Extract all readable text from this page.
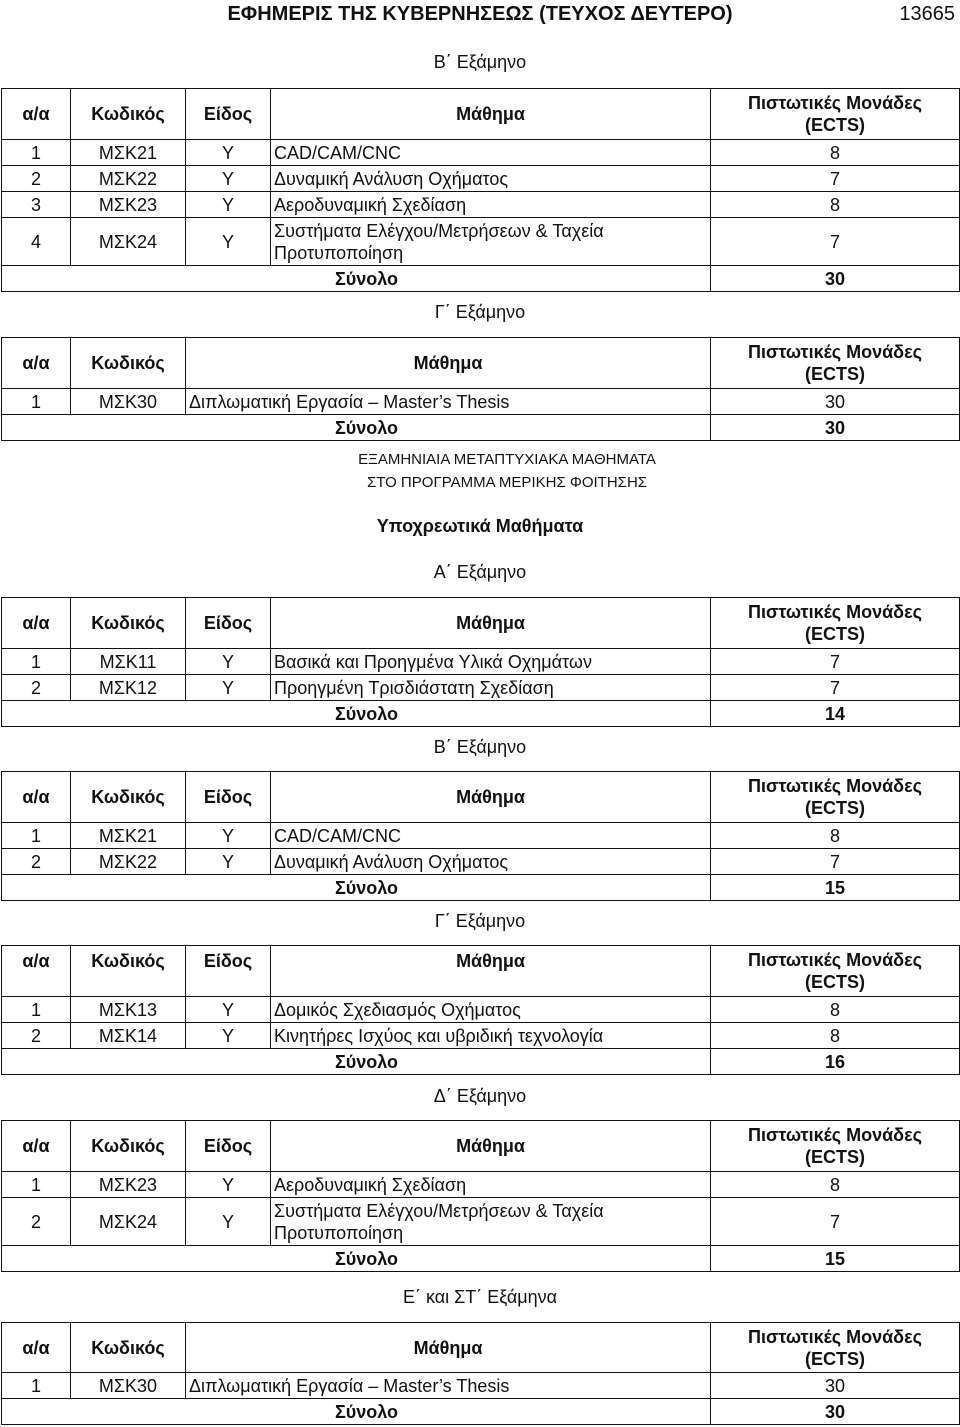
ΕΦΗΜΕΡΙΣ ΤΗΣ ΚΥΒΕΡΝΗΣΕΩΣ (ΤΕΥΧΟΣ ΔΕΥΤΕΡΟ)	13665
Β΄ Εξάμηνο
α/α	Κωδικός	Είδος	Μάθημα	Πιστωτικές Μονάδες
(ECTS)

1	ΜΣΚ21	Υ	CAD/CAM/CNC	8
2	ΜΣΚ22	Υ	Δυναμική Ανάλυση Οχήματος	7
3	ΜΣΚ23	Υ	Αεροδυναμική Σχεδίαση	8
4	ΜΣΚ24	Υ	Συστήματα Ελέγχου/Μετρήσεων & Ταχεία Προτυποποίηση	7
Σύνολο				30
Γ΄ Εξάμηνο
α/α	Κωδικός	Μάθημα	Πιστωτικές Μονάδες
(ECTS)

1	ΜΣΚ30	Διπλωματική Εργασία – Master’s Thesis	30
Σύνολο			30
ΕΞΑΜΗΝΙΑΙΑ ΜΕΤΑΠΤΥΧΙΑΚΑ ΜΑΘΗΜΑΤΑ
ΣΤΟ ΠΡΟΓΡΑΜΜΑ ΜΕΡΙΚΗΣ ΦΟΙΤΗΣΗΣ
Υποχρεωτικά Μαθήματα
Α΄ Εξάμηνο
α/α	Κωδικός	Είδος	Μάθημα	Πιστωτικές Μονάδες
(ECTS)

1	ΜΣΚ11	Υ	Βασικά και Προηγμένα Υλικά Οχημάτων	7
2	ΜΣΚ12	Υ	Προηγμένη Τρισδιάστατη Σχεδίαση	7
Σύνολο				14
Β΄ Εξάμηνο
α/α	Κωδικός	Είδος	Μάθημα	Πιστωτικές Μονάδες
(ECTS)

1	ΜΣΚ21	Υ	CAD/CAM/CNC	8
2	ΜΣΚ22	Υ	Δυναμική Ανάλυση Οχήματος	7
Σύνολο				15
Γ΄ Εξάμηνο
α/α	Κωδικός	Είδος	Μάθημα	Πιστωτικές Μονάδες
(ECTS)

1	ΜΣΚ13	Υ	Δομικός Σχεδιασμός Οχήματος	8
2	ΜΣΚ14	Υ	Κινητήρες Ισχύος και υβριδική τεχνολογία	8
Σύνολο				16
Δ΄ Εξάμηνο
α/α	Κωδικός	Είδος	Μάθημα	Πιστωτικές Μονάδες
(ECTS)

1	ΜΣΚ23	Υ	Αεροδυναμική Σχεδίαση	8
2	ΜΣΚ24	Υ	Συστήματα Ελέγχου/Μετρήσεων & Ταχεία Προτυποποίηση	7
Σύνολο				15
Ε΄ και ΣΤ΄ Εξάμηνα
α/α	Κωδικός	Μάθημα	Πιστωτικές Μονάδες
(ECTS)

1	ΜΣΚ30	Διπλωματική Εργασία – Master’s Thesis	30
Σύνολο			30
